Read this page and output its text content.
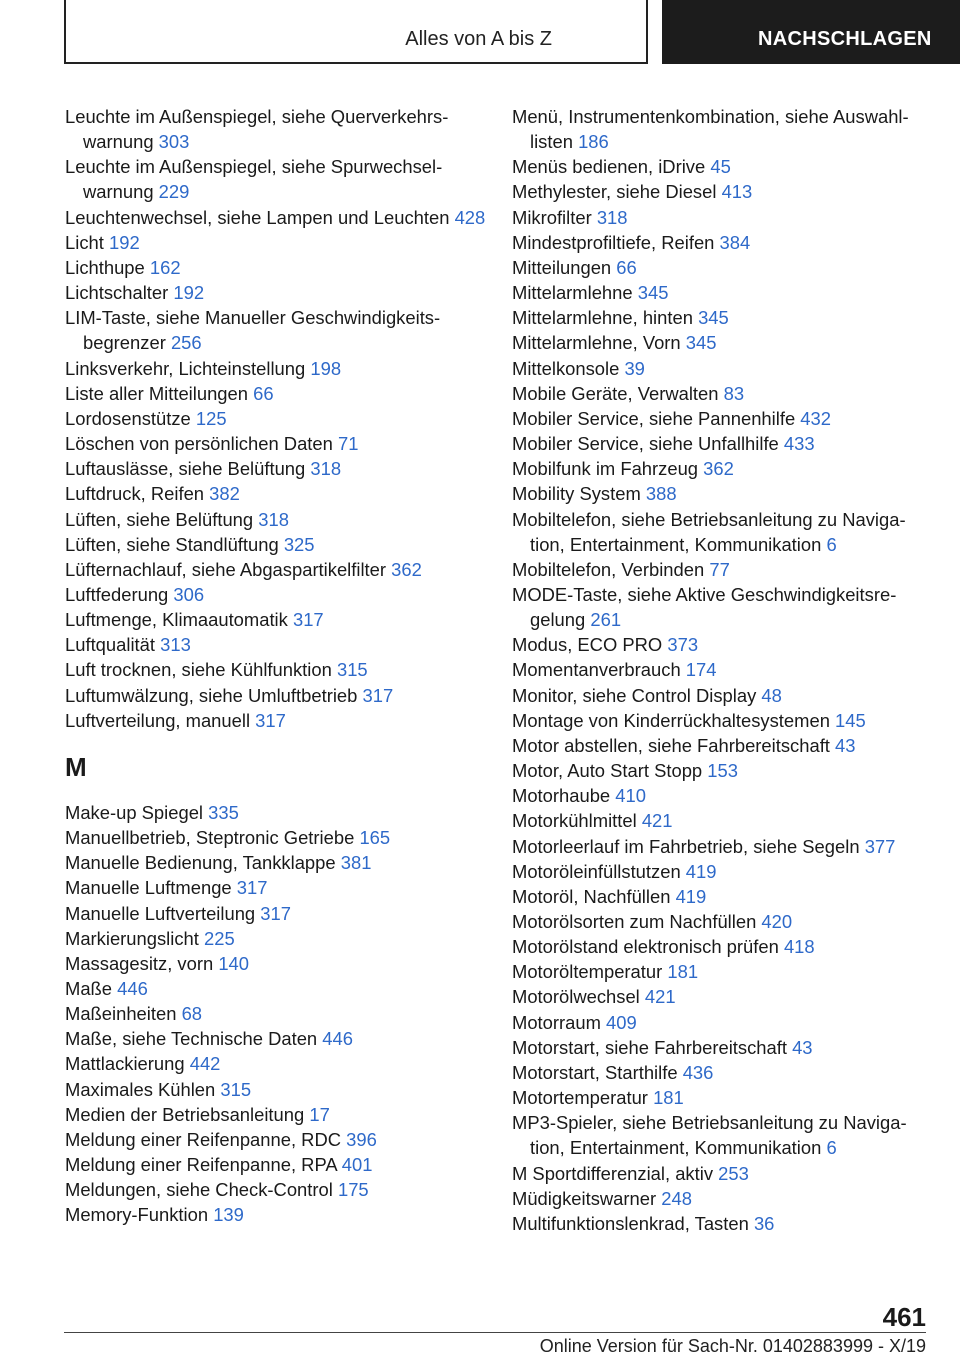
Alles von A bis Z	NACHSCHLAGEN
Leuchte im Außenspiegel, siehe Querverkehrswarnung 303
Leuchte im Außenspiegel, siehe Spurwechselwarnung 229
Leuchtenwechsel, siehe Lampen und Leuchten 428
Licht 192
Lichthupe 162
Lichtschalter 192
LIM-Taste, siehe Manueller Geschwindigkeitsbegrenzer 256
Linksverkehr, Lichteinstellung 198
Liste aller Mitteilungen 66
Lordosenstütze 125
Löschen von persönlichen Daten 71
Luftauslässe, siehe Belüftung 318
Luftdruck, Reifen 382
Lüften, siehe Belüftung 318
Lüften, siehe Standlüftung 325
Lüfternachlauf, siehe Abgaspartikelfilter 362
Luftfederung 306
Luftmenge, Klimaautomatik 317
Luftqualität 313
Luft trocknen, siehe Kühlfunktion 315
Luftumwälzung, siehe Umluftbetrieb 317
Luftverteilung, manuell 317
M
Make-up Spiegel 335
Manuellbetrieb, Steptronic Getriebe 165
Manuelle Bedienung, Tankklappe 381
Manuelle Luftmenge 317
Manuelle Luftverteilung 317
Markierungslicht 225
Massagesitz, vorn 140
Maße 446
Maßeinheiten 68
Maße, siehe Technische Daten 446
Mattlackierung 442
Maximales Kühlen 315
Medien der Betriebsanleitung 17
Meldung einer Reifenpanne, RDC 396
Meldung einer Reifenpanne, RPA 401
Meldungen, siehe Check-Control 175
Memory-Funktion 139
Menü, Instrumentenkombination, siehe Auswahllisten 186
Menüs bedienen, iDrive 45
Methylester, siehe Diesel 413
Mikrofilter 318
Mindestprofiltiefe, Reifen 384
Mitteilungen 66
Mittelarmlehne 345
Mittelarmlehne, hinten 345
Mittelarmlehne, Vorn 345
Mittelkonsole 39
Mobile Geräte, Verwalten 83
Mobiler Service, siehe Pannenhilfe 432
Mobiler Service, siehe Unfallhilfe 433
Mobilfunk im Fahrzeug 362
Mobility System 388
Mobiltelefon, siehe Betriebsanleitung zu Navigation, Entertainment, Kommunikation 6
Mobiltelefon, Verbinden 77
MODE-Taste, siehe Aktive Geschwindigkeitsregelung 261
Modus, ECO PRO 373
Momentanverbrauch 174
Monitor, siehe Control Display 48
Montage von Kinderrückhaltesystemen 145
Motor abstellen, siehe Fahrbereitschaft 43
Motor, Auto Start Stopp 153
Motorhaube 410
Motorkühlmittel 421
Motorleerlauf im Fahrbetrieb, siehe Segeln 377
Motoröleinfüllstutzen 419
Motoröl, Nachfüllen 419
Motorölsorten zum Nachfüllen 420
Motorölstand elektronisch prüfen 418
Motoröltemperatur 181
Motorölwechsel 421
Motorraum 409
Motorstart, siehe Fahrbereitschaft 43
Motorstart, Starthilfe 436
Motortemperatur 181
MP3-Spieler, siehe Betriebsanleitung zu Navigation, Entertainment, Kommunikation 6
M Sportdifferenzial, aktiv 253
Müdigkeitswarner 248
Multifunktionslenkrad, Tasten 36
461
Online Version für Sach-Nr. 01402883999 - X/19
